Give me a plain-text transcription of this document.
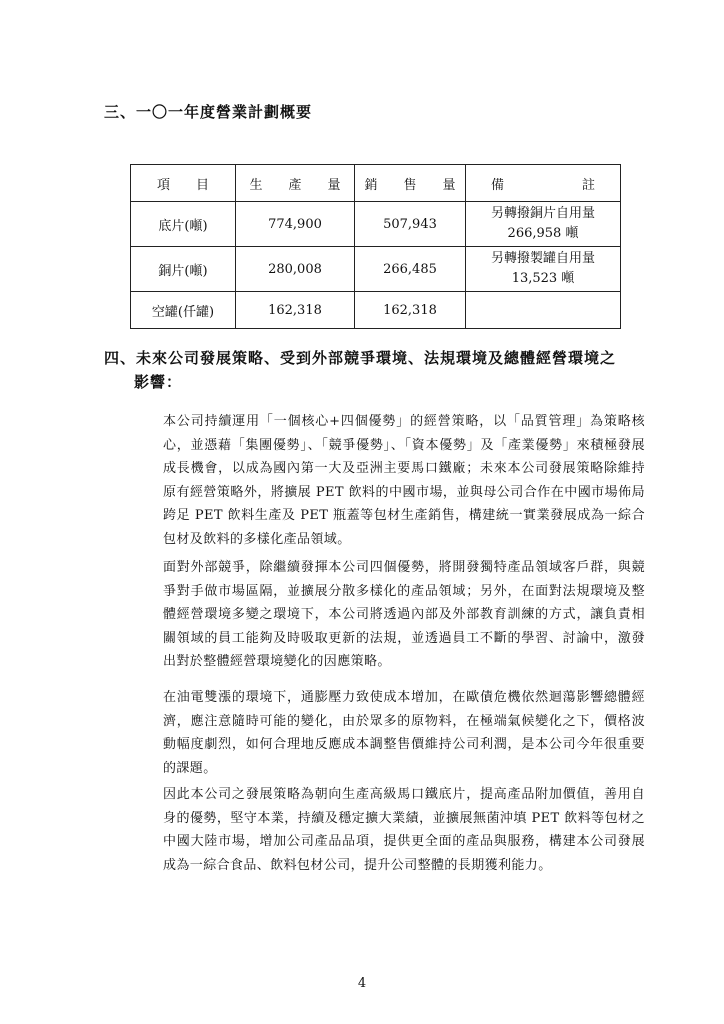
三、一〇一年度營業計劃概要
項　　目	生　　產　　量	銷　　售　　量	備　　　　　　註
底片(噸)	774,900	507,943	另轉撥銅片自用量
266,958 噸

銅片(噸)	280,008	266,485	另轉撥製罐自用量
13,523 噸

空罐(仟罐)	162,318	162,318	
四、未來公司發展策略、受到外部競爭環境、法規環境及總體經營環境之
影響：

本公司持續運用「一個核心+四個優勢」的經營策略，以「品質管理」為策略核心，並憑藉「集團優勢」、「競爭優勢」、「資本優勢」及「產業優勢」來積極發展成長機會，以成為國內第一大及亞洲主要馬口鐵廠；未來本公司發展策略除維持原有經營策略外，將擴展 PET 飲料的中國市場，並與母公司合作在中國市場佈局跨足 PET 飲料生產及 PET 瓶蓋等包材生產銷售，構建統一實業發展成為一綜合包材及飲料的多樣化產品領域。

面對外部競爭，除繼續發揮本公司四個優勢，將開發獨特產品領域客戶群，與競爭對手做市場區隔，並擴展分散多樣化的產品領域；另外，在面對法規環境及整體經營環境多變之環境下，本公司將透過內部及外部教育訓練的方式，讓負責相關領域的員工能夠及時吸取更新的法規，並透過員工不斷的學習、討論中，激發出對於整體經營環境變化的因應策略。

在油電雙漲的環境下，通膨壓力致使成本增加，在歐債危機依然迴蕩影響總體經濟，應注意隨時可能的變化，由於眾多的原物料，在極端氣候變化之下，價格波動幅度劇烈，如何合理地反應成本調整售價維持公司利潤，是本公司今年很重要的課題。

因此本公司之發展策略為朝向生產高級馬口鐵底片，提高產品附加價值，善用自身的優勢，堅守本業，持續及穩定擴大業績，並擴展無菌沖填 PET 飲料等包材之中國大陸市場，增加公司產品品項，提供更全面的產品與服務，構建本公司發展成為一綜合食品、飲料包材公司，提升公司整體的長期獲利能力。

4
